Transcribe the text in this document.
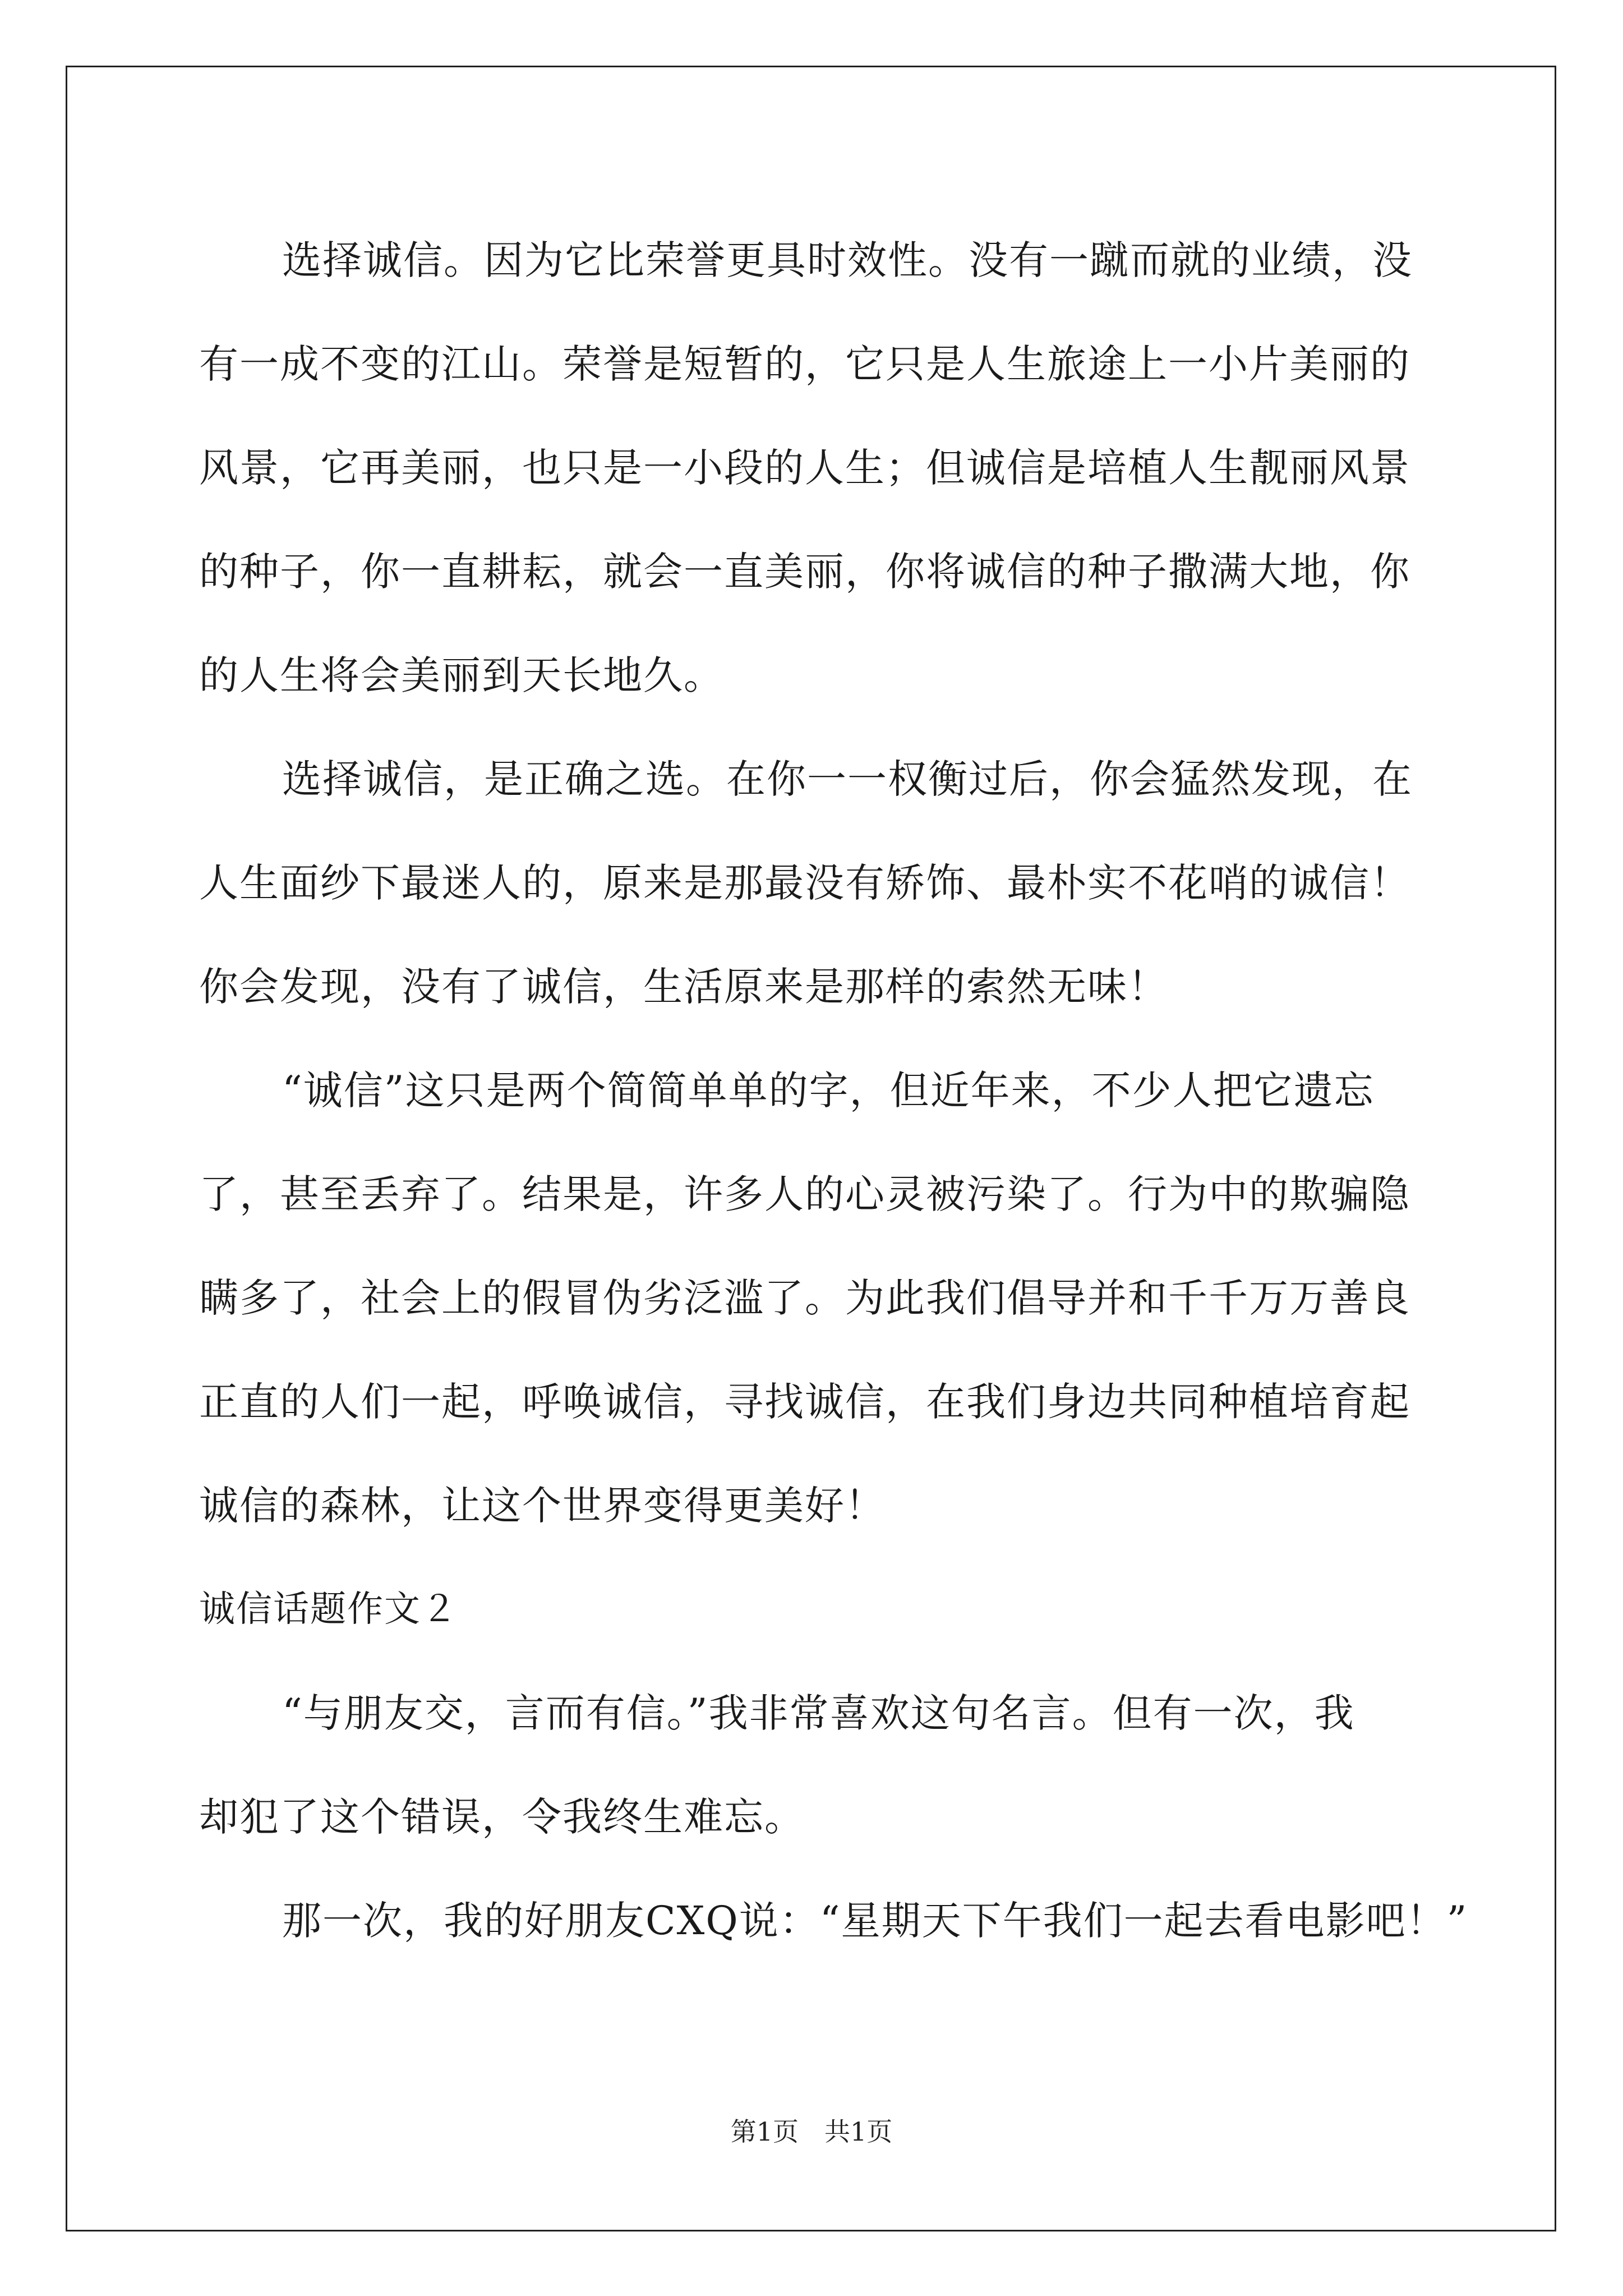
选择诚信。因为它比荣誉更具时效性。没有一蹴而就的业绩，没
有一成不变的江山。荣誉是短暂的，它只是人生旅途上一小片美丽的
风景，它再美丽，也只是一小段的人生；但诚信是培植人生靓丽风景
的种子，你一直耕耘，就会一直美丽，你将诚信的种子撒满大地，你
的人生将会美丽到天长地久。
选择诚信，是正确之选。在你一一权衡过后，你会猛然发现，在
人生面纱下最迷人的，原来是那最没有矫饰、最朴实不花哨的诚信！
你会发现，没有了诚信，生活原来是那样的索然无味！
“诚信”这只是两个简简单单的字，但近年来，不少人把它遗忘
了，甚至丢弃了。结果是，许多人的心灵被污染了。行为中的欺骗隐
瞒多了，社会上的假冒伪劣泛滥了。为此我们倡导并和千千万万善良
正直的人们一起，呼唤诚信，寻找诚信，在我们身边共同种植培育起
诚信的森林，让这个世界变得更美好！
诚信话题作文２
“与朋友交，言而有信。”我非常喜欢这句名言。但有一次，我
却犯了这个错误，令我终生难忘。
那一次，我的好朋友CXQ说：“星期天下午我们一起去看电影吧！”
第1页　共1页
